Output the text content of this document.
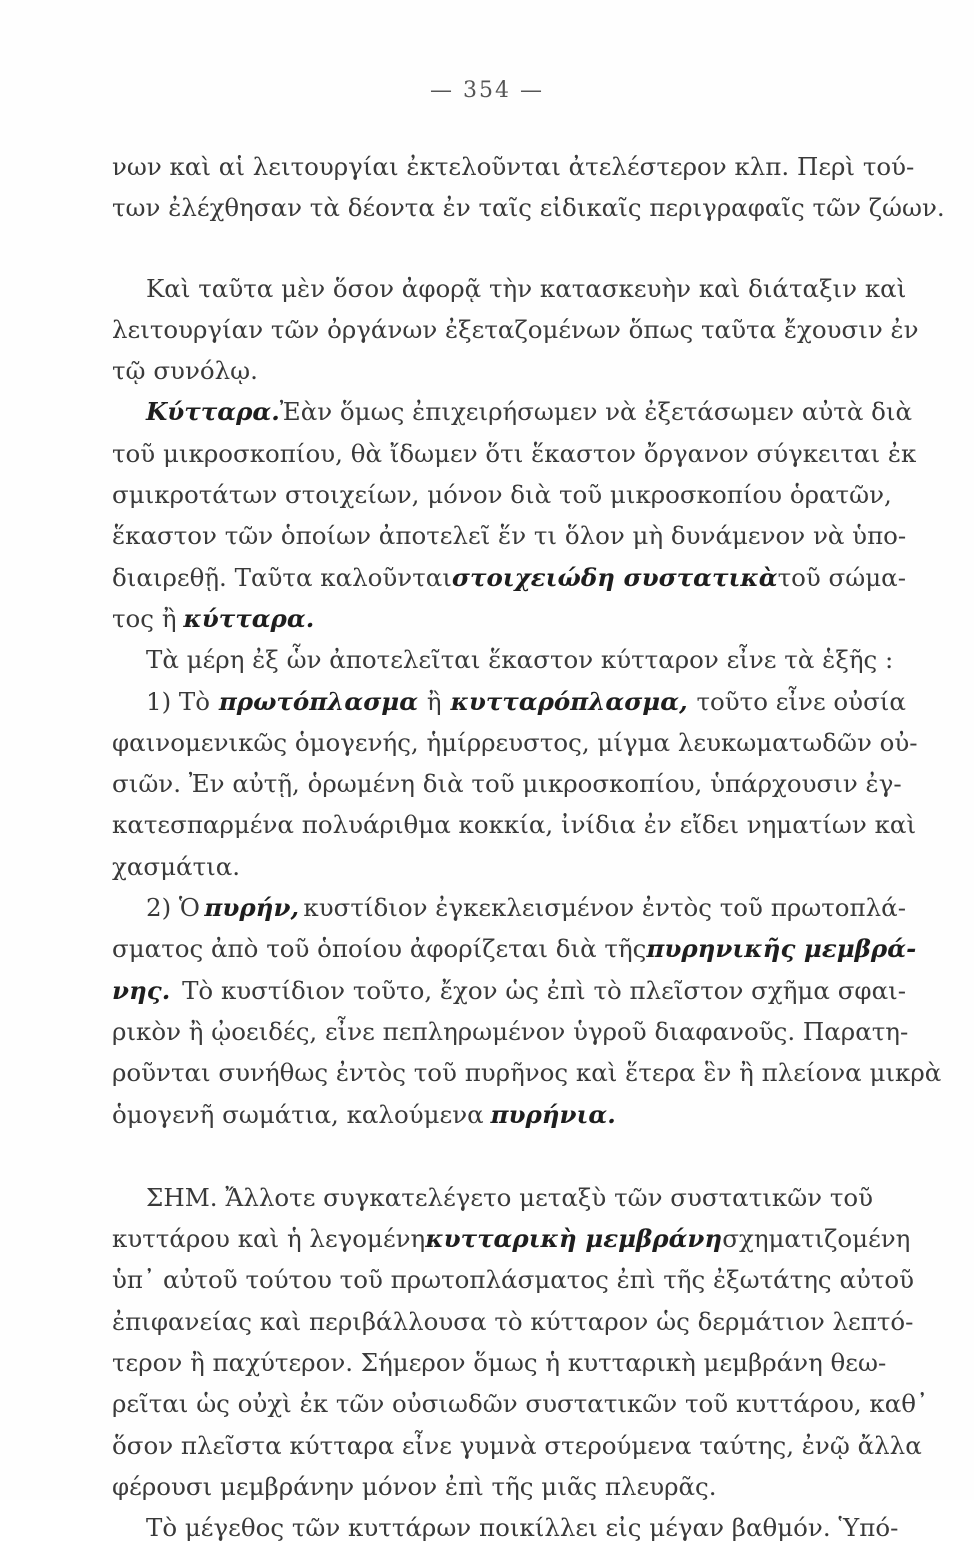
— 354 —
νων καὶ αἱ λειτουργίαι ἐκτελοῦνται ἀτελέστερον κλπ. Περὶ τού-
των ἐλέχθησαν τὰ δέοντα ἐν ταῖς εἰδικαῖς περιγραφαῖς τῶν ζώων.
Καὶ ταῦτα μὲν ὅσον ἀφορᾷ τὴν κατασκευὴν καὶ διάταξιν καὶ
λειτουργίαν τῶν ὀργάνων ἐξεταζομένων ὅπως ταῦτα ἔχουσιν ἐν
τῷ συνόλῳ.
Κύτταρα. Ἐὰν ὅμως ἐπιχειρήσωμεν νὰ ἐξετάσωμεν αὐτὰ διὰ
τοῦ μικροσκοπίου, θὰ ἴδωμεν ὅτι ἕκαστον ὄργανον σύγκειται ἐκ
σμικροτάτων στοιχείων, μόνον διὰ τοῦ μικροσκοπίου ὁρατῶν,
ἕκαστον τῶν ὁποίων ἀποτελεῖ ἕν τι ὅλον μὴ δυνάμενον νὰ ὑπο-
διαιρεθῇ. Ταῦτα καλοῦνται στοιχειώδη συστατικὰ τοῦ σώμα-
τος ἢ κύτταρα.
Τὰ μέρη ἐξ ὧν ἀποτελεῖται ἕκαστον κύτταρον εἶνε τὰ ἑξῆς :
1) Τὸ πρωτόπλασμα ἢ κυτταρόπλασμα, τοῦτο εἶνε οὐσία
φαινομενικῶς ὁμογενής, ἡμίρρευστος, μίγμα λευκωματωδῶν οὐ-
σιῶν. Ἐν αὐτῇ, ὁρωμένη διὰ τοῦ μικροσκοπίου, ὑπάρχουσιν ἐγ-
κατεσπαρμένα πολυάριθμα κοκκία, ἰνίδια ἐν εἴδει νηματίων καὶ
χασμάτια.
2) Ὁ πυρήν, κυστίδιον ἐγκεκλεισμένον ἐντὸς τοῦ πρωτοπλά-
σματος ἀπὸ τοῦ ὁποίου ἀφορίζεται διὰ τῆς πυρηνικῆς μεμβρά-
νης. Τὸ κυστίδιον τοῦτο, ἔχον ὡς ἐπὶ τὸ πλεῖστον σχῆμα σφαι-
ρικὸν ἢ ᾠοειδές, εἶνε πεπληρωμένον ὑγροῦ διαφανοῦς. Παρατη-
ροῦνται συνήθως ἐντὸς τοῦ πυρῆνος καὶ ἕτερα ἓν ἢ πλείονα μικρὰ
ὁμογενῆ σωμάτια, καλούμενα πυρήνια.
ΣΗΜ. Ἄλλοτε συγκατελέγετο μεταξὺ τῶν συστατικῶν τοῦ
κυττάρου καὶ ἡ λεγομένη κυτταρικὴ μεμβράνη σχηματιζομένη
ὑπ᾿ αὐτοῦ τούτου τοῦ πρωτοπλάσματος ἐπὶ τῆς ἐξωτάτης αὐτοῦ
ἐπιφανείας καὶ περιβάλλουσα τὸ κύτταρον ὡς δερμάτιον λεπτό-
τερον ἢ παχύτερον. Σήμερον ὅμως ἡ κυτταρικὴ μεμβράνη θεω-
ρεῖται ὡς οὐχὶ ἐκ τῶν οὐσιωδῶν συστατικῶν τοῦ κυττάρου, καθ᾿
ὅσον πλεῖστα κύτταρα εἶνε γυμνὰ στερούμενα ταύτης, ἐνῷ ἄλλα
φέρουσι μεμβράνην μόνον ἐπὶ τῆς μιᾶς πλευρᾶς.
Τὸ μέγεθος τῶν κυττάρων ποικίλλει εἰς μέγαν βαθμόν. Ὑπό-
